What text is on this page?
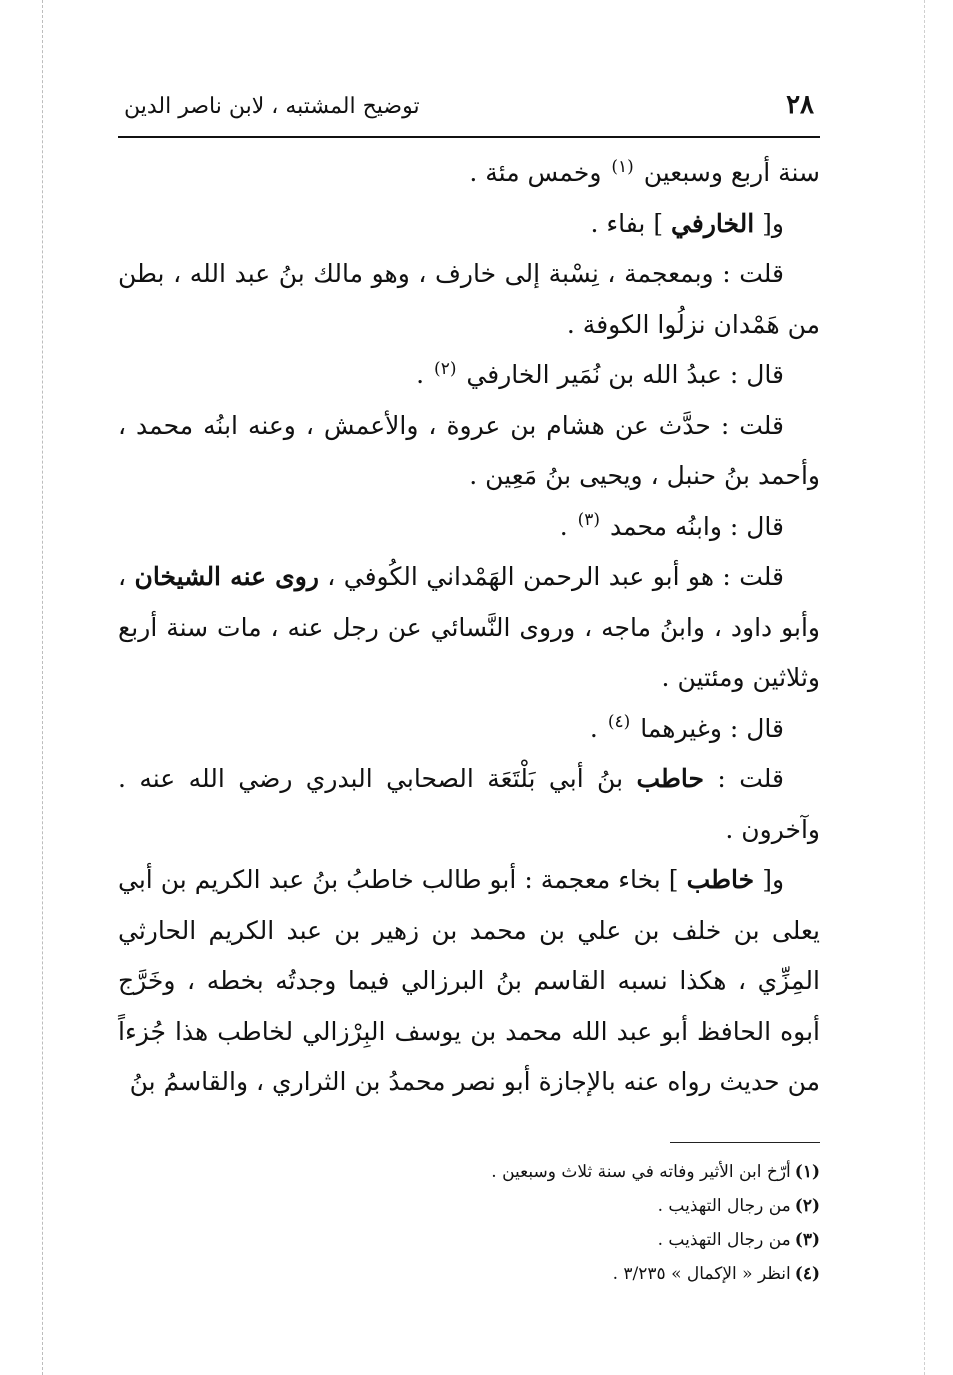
٢٨
توضيح المشتبه ، لابن ناصر الدين

سنة أربع وسبعين $^{(١)}$ وخمس مئة .

و[ الخارفي ] بفاء .

قلت : وبمعجمة ، نِسْبة إلى خارف ، وهو مالك بنُ عبد الله ، بطن من هَمْدان نزلُوا الكوفة .

قال : عبدُ الله بن نُمَير الخارفي $^{(٢)}$ .

قلت : حدَّث عن هشام بن عروة ، والأعمش ، وعنه ابنُه محمد ، وأحمد بنُ حنبل ، ويحيى بنُ مَعِين .

قال : وابنُه محمد $^{(٣)}$ .

قلت : هو أبو عبد الرحمن الهَمْداني الكُوفي ، روى عنه الشيخان ، وأبو داود ، وابنُ ماجه ، وروى النَّسائي عن رجل عنه ، مات سنة أربع وثلاثين ومئتين .

قال : وغيرهما $^{(٤)}$ .

قلت : حاطب بنُ أبي بَلْتَعَة الصحابي البدري رضي الله عنه . وآخرون .

و[ خاطب ] بخاء معجمة : أبو طالب خاطبُ بنُ عبد الكريم بن أبي يعلى بن خلف بن علي بن محمد بن زهير بن عبد الكريم الحارثي المِزِّي ، هكذا نسبه القاسم بنُ البرزالي فيما وجدتُه بخطه ، وخَرَّج أبوه الحافظ أبو عبد الله محمد بن يوسف البِرْزالي لخاطب هذا جُزءاً من حديث رواه عنه بالإجازة أبو نصر محمدُ بن الثراري ، والقاسمُ بنُ

(١)أرّخ ابن الأثير وفاته في سنة ثلاث وسبعين .
(٢)من رجال التهذيب .
(٣)من رجال التهذيب .
(٤)انظر « الإكمال » ٣/٢٣٥ .
